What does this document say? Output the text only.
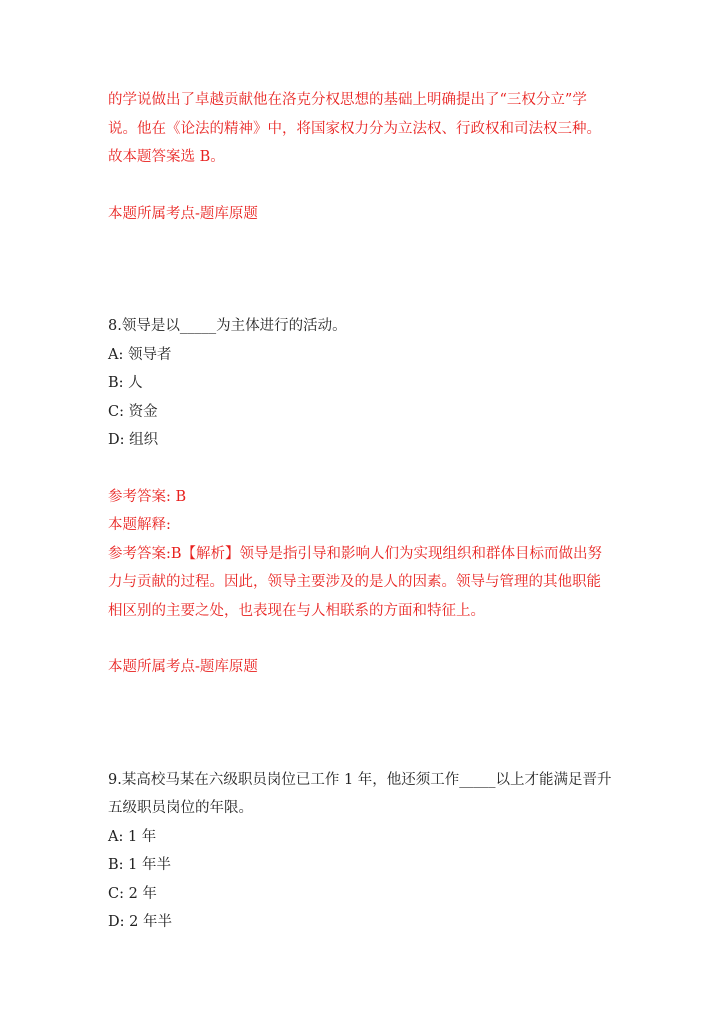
的学说做出了卓越贡献他在洛克分权思想的基础上明确提出了“三权分立”学

说。他在《论法的精神》中，将国家权力分为立法权、行政权和司法权三种。

故本题答案选 B。

本题所属考点-题库原题

8.领导是以_____为主体进行的活动。

A: 领导者

B: 人

C: 资金

D: 组织

参考答案: B

本题解释:

参考答案:B【解析】领导是指引导和影响人们为实现组织和群体目标而做出努

力与贡献的过程。因此，领导主要涉及的是人的因素。领导与管理的其他职能

相区别的主要之处，也表现在与人相联系的方面和特征上。

本题所属考点-题库原题

9.某高校马某在六级职员岗位已工作 1 年，他还须工作_____以上才能满足晋升

五级职员岗位的年限。

A: 1 年

B: 1 年半

C: 2 年

D: 2 年半
